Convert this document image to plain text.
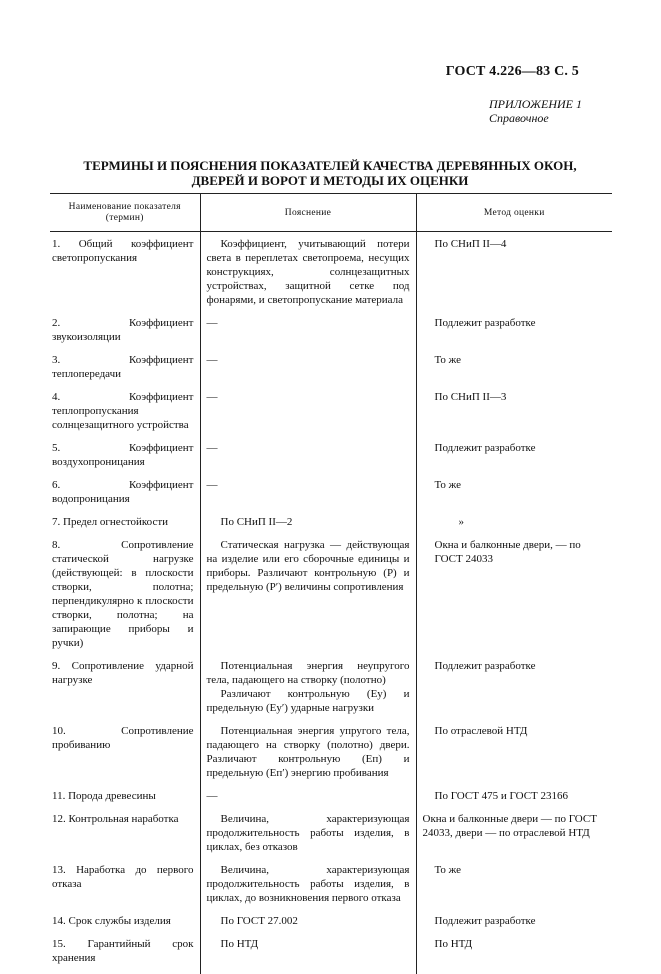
ГОСТ 4.226—83 С. 5
ПРИЛОЖЕНИЕ 1
Справочное
ТЕРМИНЫ И ПОЯСНЕНИЯ ПОКАЗАТЕЛЕЙ КАЧЕСТВА ДЕРЕВЯННЫХ ОКОН,
ДВЕРЕЙ И ВОРОТ И МЕТОДЫ ИХ ОЦЕНКИ
Наименование показателя
(термин)	Пояснение	Метод оценки
1. Общий коэффициент светопропускания	Коэффициент, учитывающий потери света в переплетах светопроема, несущих конструкциях, солнцезащитных устройствах, защитной сетке под фонарями, и светопропускание материала	По СНиП II—4
2. Коэффициент звукоизоляции	—	Подлежит разработке
3. Коэффициент теплопередачи	—	То же
4. Коэффициент теплопропускания солнцезащитного устройства	—	По СНиП II—3
5. Коэффициент воздухопроницания	—	Подлежит разработке
6. Коэффициент водопроницания	—	То же
7. Предел огнестойкости	По СНиП II—2	»
8. Сопротивление статической нагрузке (действующей: в плоскости створки, полотна; перпендикулярно к плоскости створки, полотна; на запирающие приборы и ручки)	Статическая нагрузка — действующая на изделие или его сборочные единицы и приборы. Различают контрольную (P) и предельную (P′) величины сопротивления	Окна и балконные двери, — по ГОСТ 24033
9. Сопротивление ударной нагрузке	Потенциальная энергия неупругого тела, падающего на створку (полотно)
Различают контрольную (Eу) и предельную (Eу′) ударные нагрузки	Подлежит разработке
10. Сопротивление пробиванию	Потенциальная энергия упругого тела, падающего на створку (полотно) двери. Различают контрольную (Eп) и предельную (Eп′) энергию пробивания	По отраслевой НТД
11. Порода древесины	—	По ГОСТ 475 и ГОСТ 23166
12. Контрольная наработка	Величина, характеризующая продолжительность работы изделия, в циклах, без отказов	Окна и балконные двери — по ГОСТ 24033, двери — по отраслевой НТД
13. Наработка до первого отказа	Величина, характеризующая продолжительность работы изделия, в циклах, до возникновения первого отказа	То же
14. Срок службы изделия	По ГОСТ 27.002	Подлежит разработке
15. Гарантийный срок хранения	По НТД	По НТД
